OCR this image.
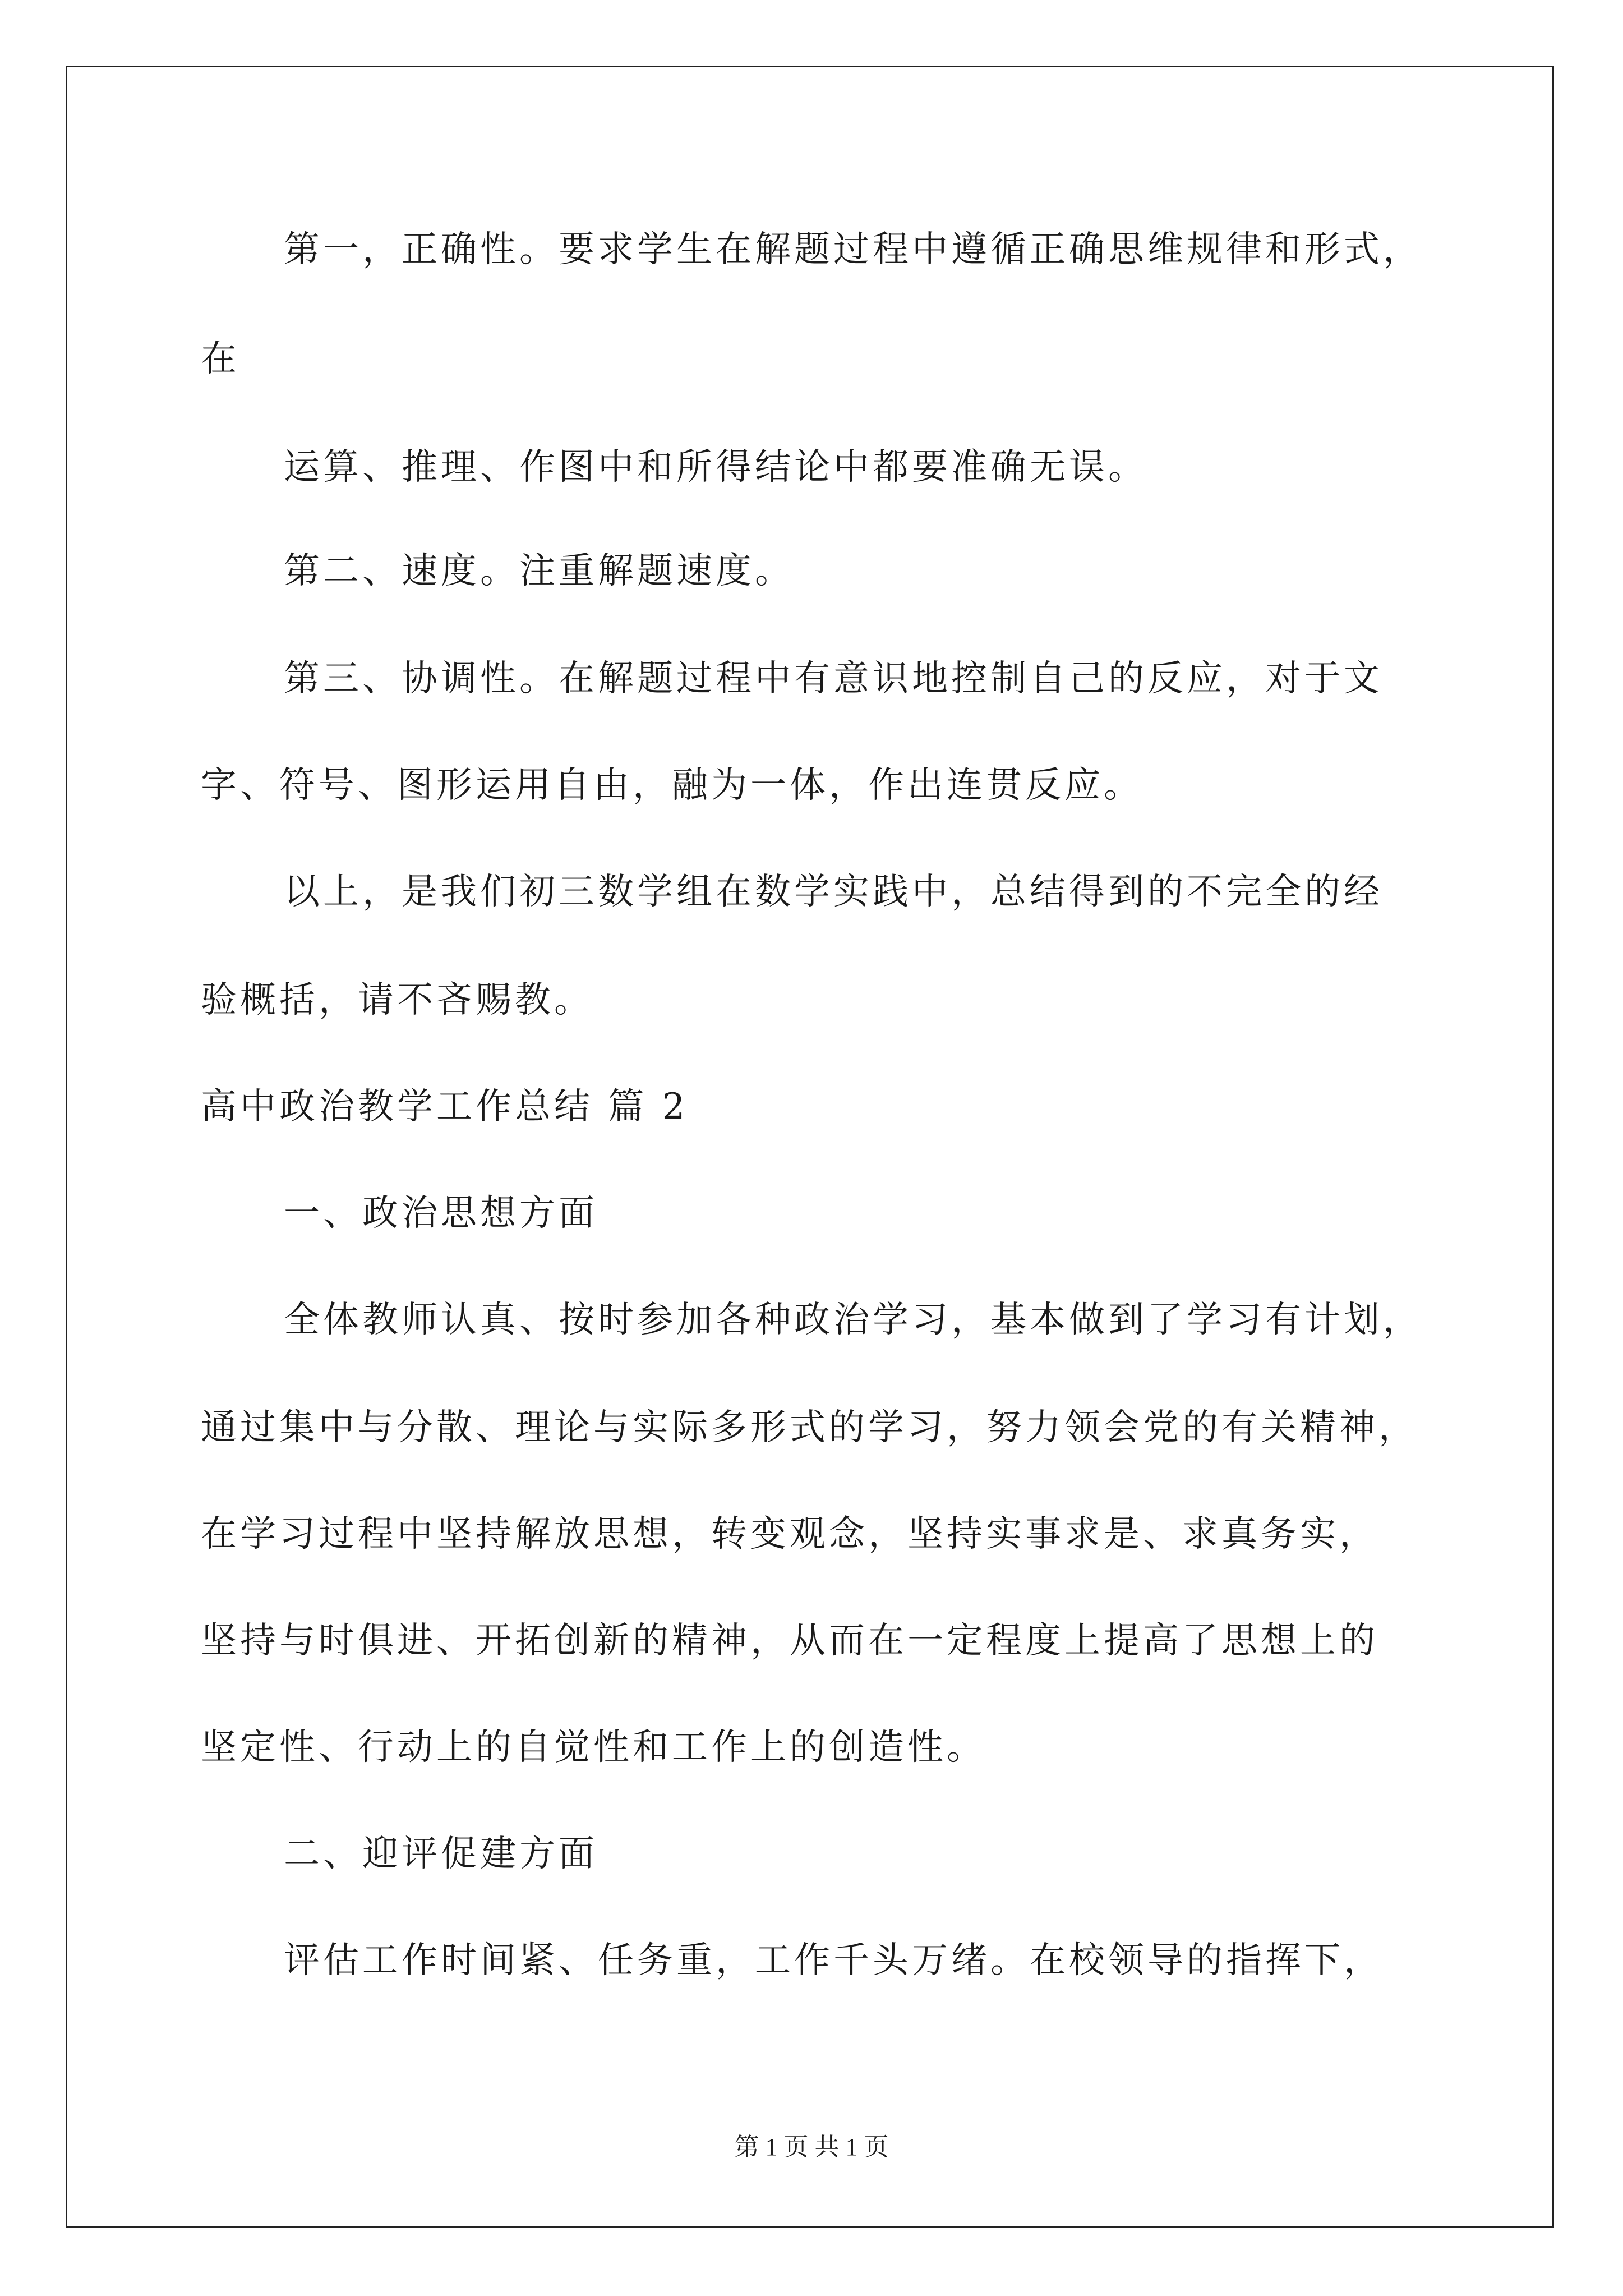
第一，正确性。要求学生在解题过程中遵循正确思维规律和形式，
在
运算、推理、作图中和所得结论中都要准确无误。
第二、速度。注重解题速度。
第三、协调性。在解题过程中有意识地控制自己的反应，对于文
字、符号、图形运用自由，融为一体，作出连贯反应。
以上，是我们初三数学组在数学实践中，总结得到的不完全的经
验概括，请不吝赐教。
高中政治教学工作总结 篇 2
一、政治思想方面
全体教师认真、按时参加各种政治学习，基本做到了学习有计划，
通过集中与分散、理论与实际多形式的学习，努力领会党的有关精神，
在学习过程中坚持解放思想，转变观念，坚持实事求是、求真务实，
坚持与时俱进、开拓创新的精神，从而在一定程度上提高了思想上的
坚定性、行动上的自觉性和工作上的创造性。
二、迎评促建方面
评估工作时间紧、任务重，工作千头万绪。在校领导的指挥下，
第 1 页 共 1 页
